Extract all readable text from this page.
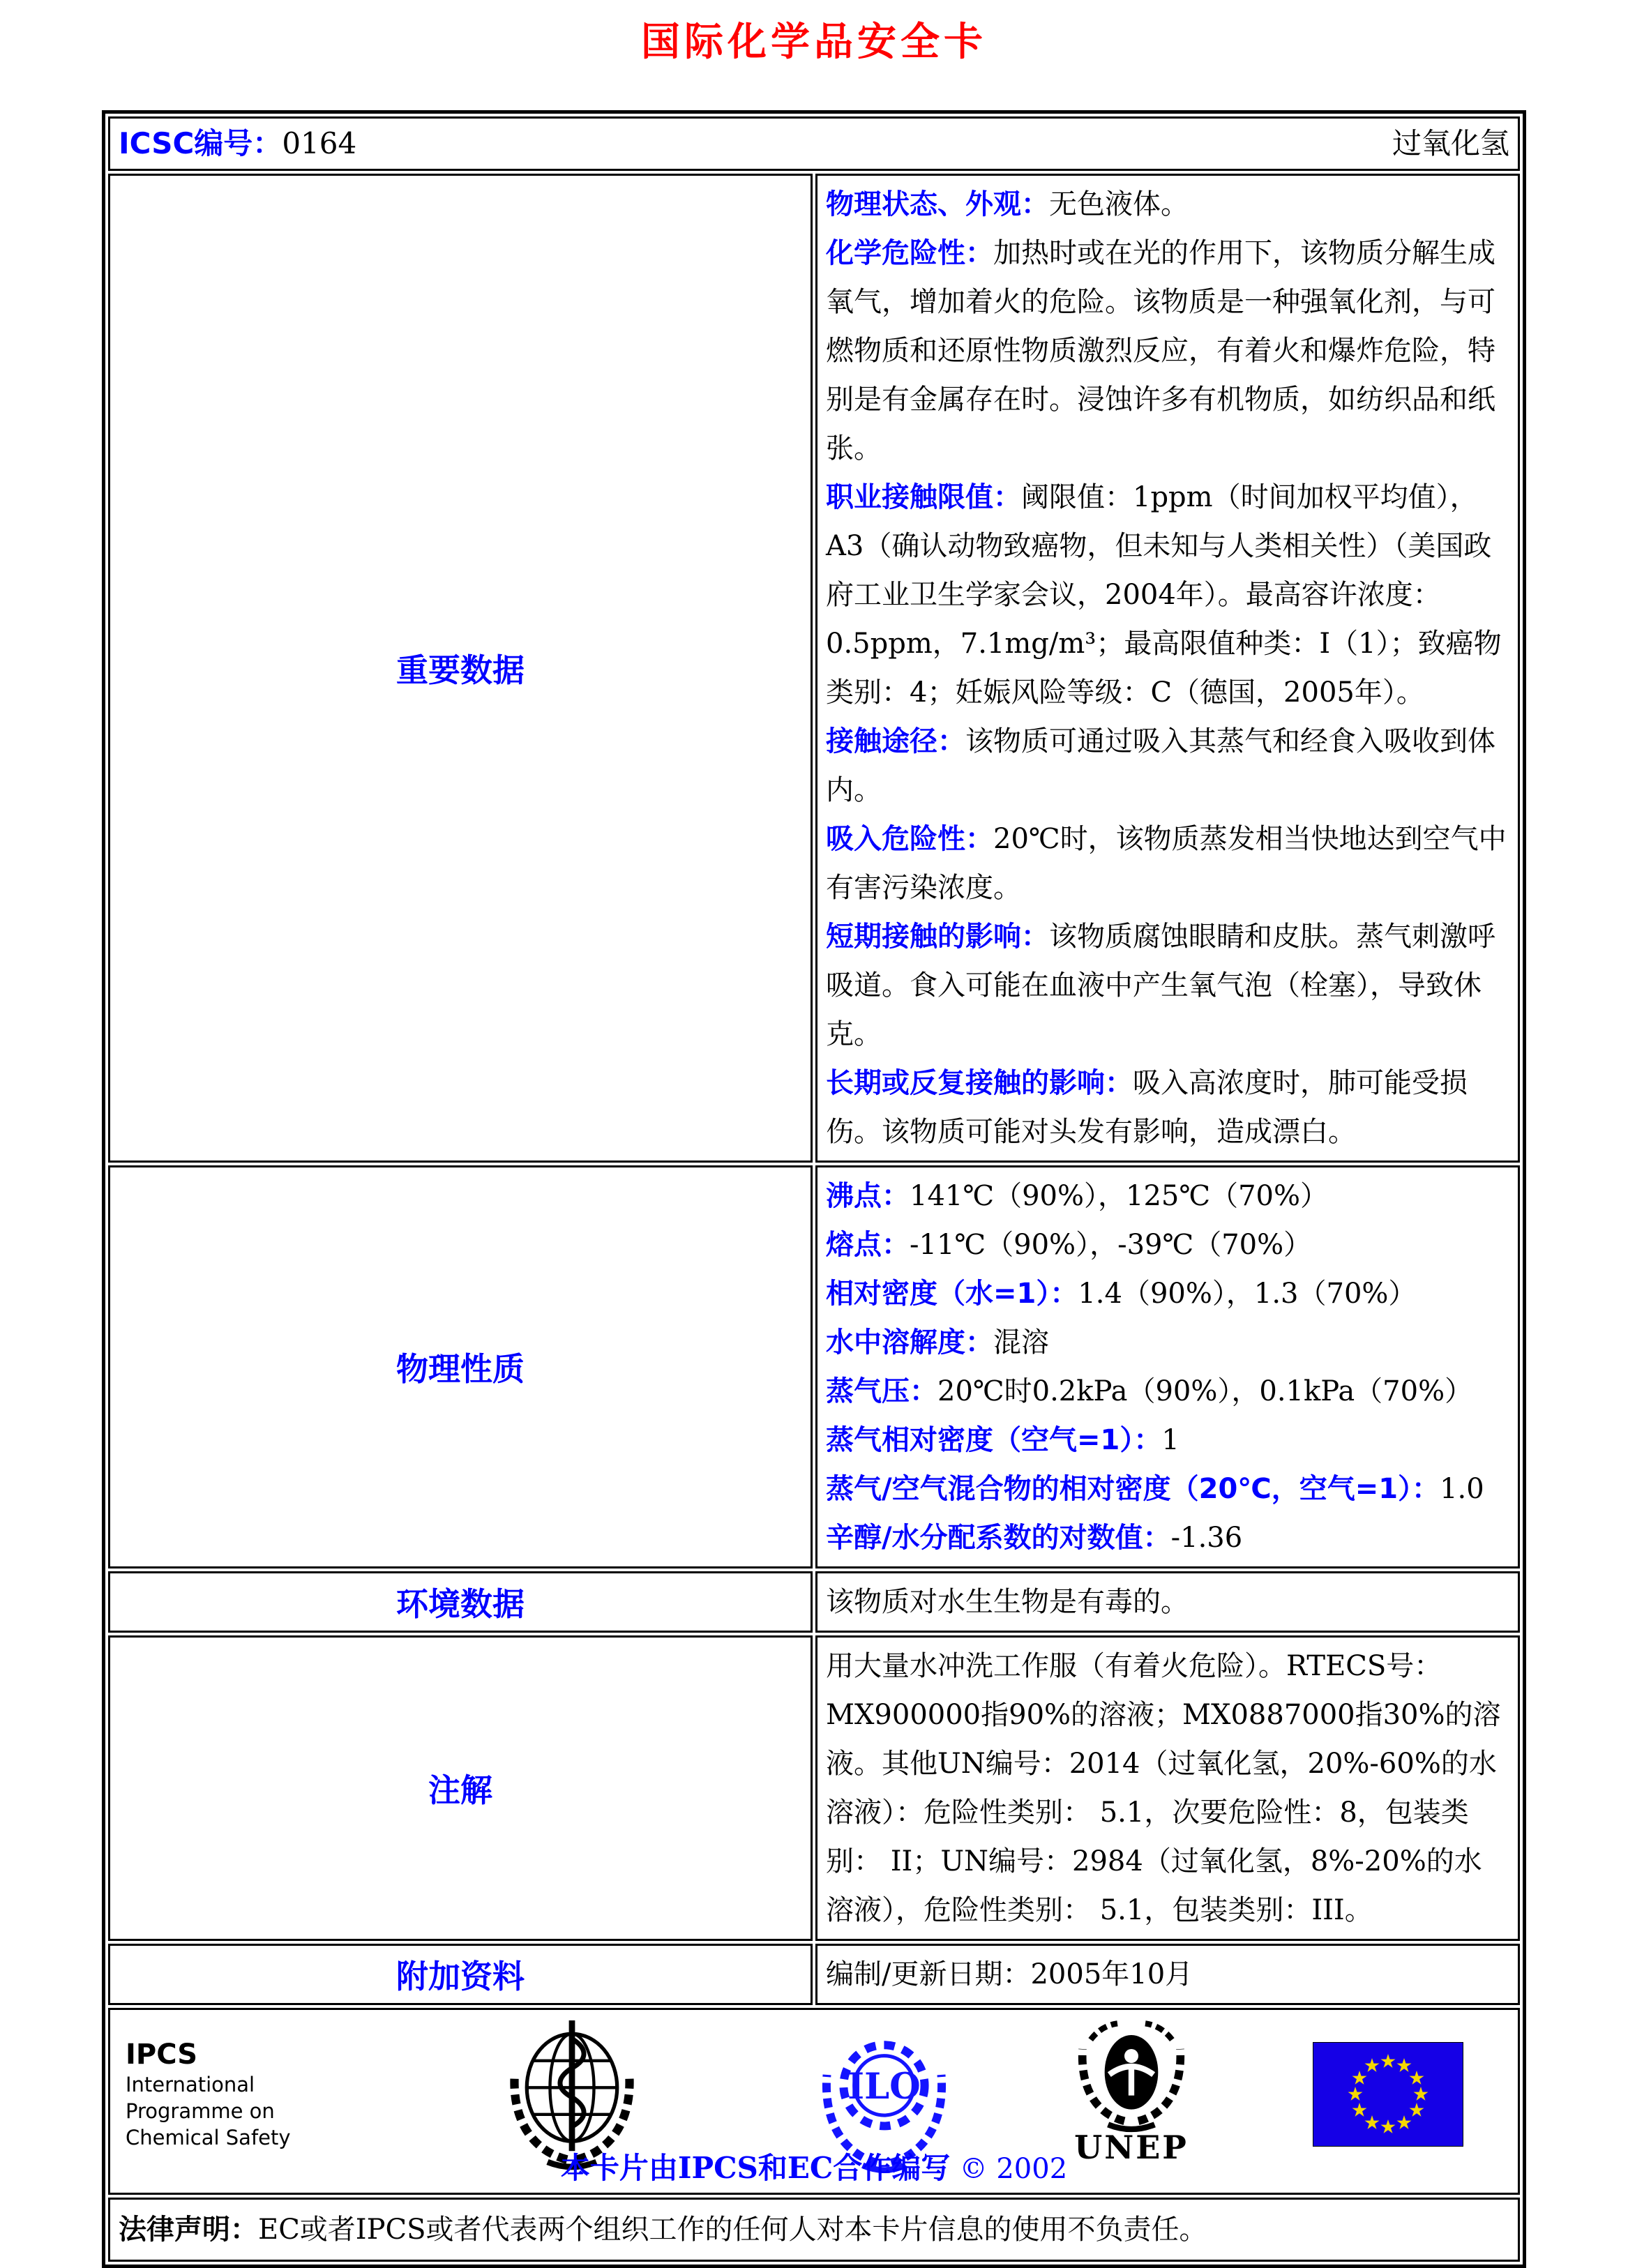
国际化学品安全卡
ICSC编号：0164 过氧化氢	

重要数据	
物理状态、外观：无色液体。
化学危险性：加热时或在光的作用下，该物质分解生成氧气，增加着火的危险。该物质是一种强氧化剂，与可燃物质和还原性物质激烈反应，有着火和爆炸危险，特别是有金属存在时。浸蚀许多有机物质，如纺织品和纸张。
职业接触限值：阈限值：1ppm（时间加权平均值），A3（确认动物致癌物，但未知与人类相关性）（美国政府工业卫生学家会议，2004年）。最高容许浓度：0.5ppm，7.1mg/m³；最高限值种类：I（1）；致癌物类别：4；妊娠风险等级：C（德国，2005年）。
接触途径：该物质可通过吸入其蒸气和经食入吸收到体内。
吸入危险性：20℃时，该物质蒸发相当快地达到空气中有害污染浓度。
短期接触的影响：该物质腐蚀眼睛和皮肤。蒸气刺激呼吸道。食入可能在血液中产生氧气泡（栓塞），导致休克。
长期或反复接触的影响：吸入高浓度时，肺可能受损伤。该物质可能对头发有影响，造成漂白。

物理性质	
沸点：141℃（90%），125℃（70%）
熔点：-11℃（90%），-39℃（70%）
相对密度（水=1）：1.4（90%），1.3（70%）
水中溶解度：混溶
蒸气压：20℃时0.2kPa（90%），0.1kPa（70%）
蒸气相对密度（空气=1）：1
蒸气/空气混合物的相对密度（20℃，空气=1）：1.0
辛醇/水分配系数的对数值：-1.36

环境数据	该物质对水生生物是有毒的。

注解	用大量水冲洗工作服（有着火危险）。RTECS号： MX900000指90%的溶液；MX0887000指30%的溶液。其他UN编号：2014（过氧化氢，20%-60%的水溶液）：危险性类别： 5.1，次要危险性：8，包装类别： II；UN编号：2984（过氧化氢，8%-20%的水溶液），危险性类别： 5.1，包装类别：III。

附加资料	编制/更新日期：2005年10月

IPCS
International
Programme on
Chemical Safety
ILO
UNEP
本卡片由IPCS和EC合作编写 © 2002

法律声明：EC或者IPCS或者代表两个组织工作的任何人对本卡片信息的使用不负责任。	
